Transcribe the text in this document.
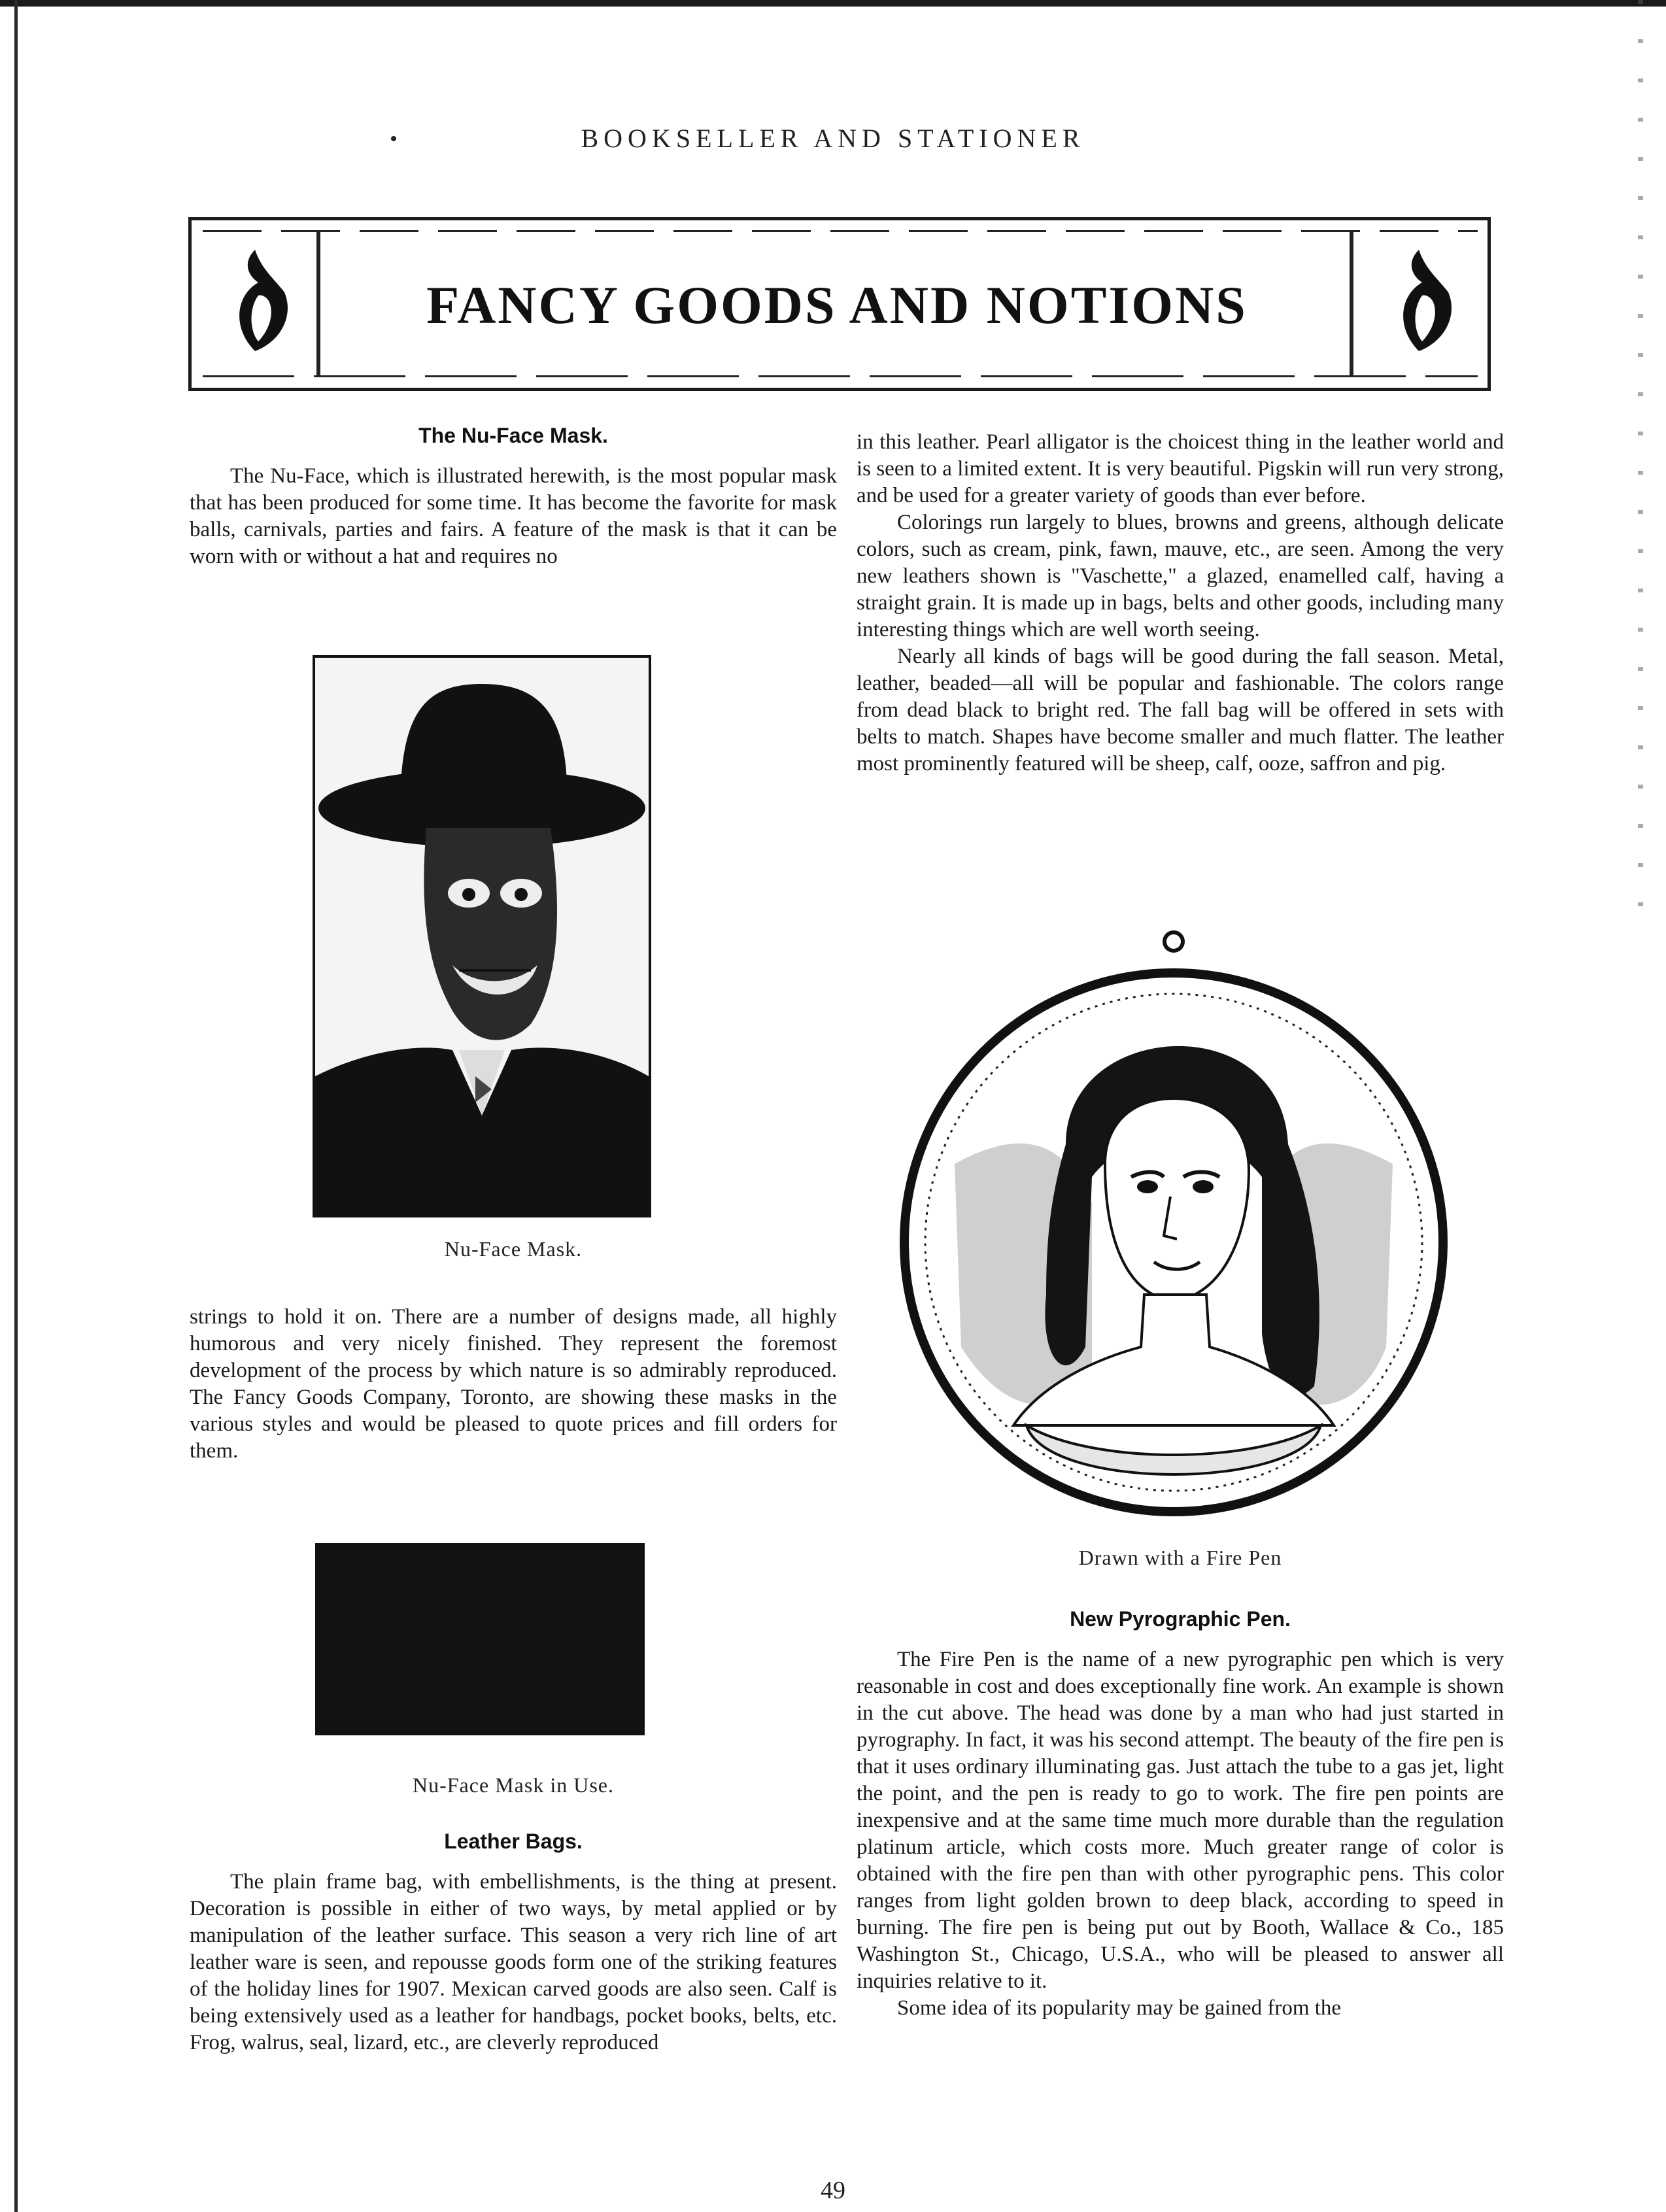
BOOKSELLER AND STATIONER
FANCY GOODS AND NOTIONS
The Nu-Face Mask.

The Nu-Face, which is illustrated herewith, is the most popular mask that has been produced for some time. It has become the favorite for mask balls, carnivals, parties and fairs. A feature of the mask is that it can be worn with or without a hat and requires no

Nu-Face Mask.

strings to hold it on. There are a number of designs made, all highly humorous and very nicely finished. They represent the foremost development of the process by which nature is so admirably reproduced. The Fancy Goods Company, Toronto, are showing these masks in the various styles and would be pleased to quote prices and fill orders for them.

Nu-Face Mask in Use.
Leather Bags.

The plain frame bag, with embellishments, is the thing at present. Decoration is possible in either of two ways, by metal applied or by manipulation of the leather surface. This season a very rich line of art leather ware is seen, and repousse goods form one of the striking features of the holiday lines for 1907. Mexican carved goods are also seen. Calf is being extensively used as a leather for handbags, pocket books, belts, etc. Frog, walrus, seal, lizard, etc., are cleverly reproduced

in this leather. Pearl alligator is the choicest thing in the leather world and is seen to a limited extent. It is very beautiful. Pigskin will run very strong, and be used for a greater variety of goods than ever before.

Colorings run largely to blues, browns and greens, although delicate colors, such as cream, pink, fawn, mauve, etc., are seen. Among the very new leathers shown is "Vaschette," a glazed, enamelled calf, having a straight grain. It is made up in bags, belts and other goods, including many interesting things which are well worth seeing.

Nearly all kinds of bags will be good during the fall season. Metal, leather, beaded—all will be popular and fashionable. The colors range from dead black to bright red. The fall bag will be offered in sets with belts to match. Shapes have become smaller and much flatter. The leather most prominently featured will be sheep, calf, ooze, saffron and pig.

Drawn with a Fire Pen
New Pyrographic Pen.

The Fire Pen is the name of a new pyrographic pen which is very reasonable in cost and does exceptionally fine work. An example is shown in the cut above. The head was done by a man who had just started in pyrography. In fact, it was his second attempt. The beauty of the fire pen is that it uses ordinary illuminating gas. Just attach the tube to a gas jet, light the point, and the pen is ready to go to work. The fire pen points are inexpensive and at the same time much more durable than the regulation platinum article, which costs more. Much greater range of color is obtained with the fire pen than with other pyrographic pens. This color ranges from light golden brown to deep black, according to speed in burning. The fire pen is being put out by Booth, Wallace & Co., 185 Washington St., Chicago, U.S.A., who will be pleased to answer all inquiries relative to it.

Some idea of its popularity may be gained from the

49
